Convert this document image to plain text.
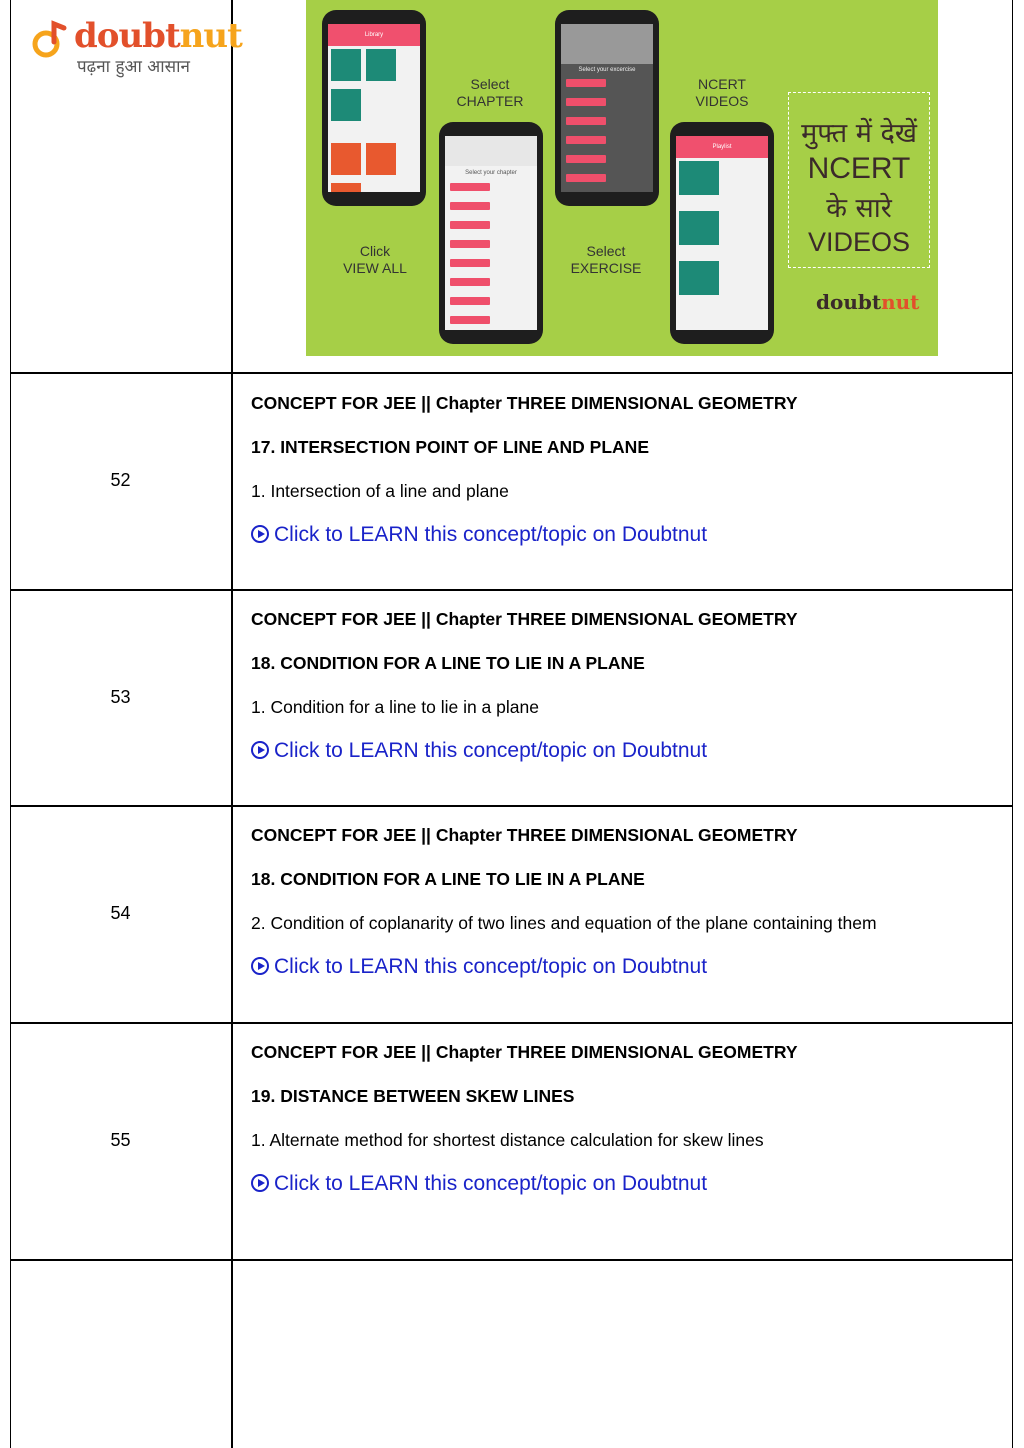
doubtnut
पढ़ना हुआ आसान
Library
Select your chapter

Select your excercise

Playlist
Select
CHAPTER
NCERT
VIDEOS
Click
VIEW ALL
Select
EXERCISE
मुफ्त में देखें
NCERT
के सारे
VIDEOS
doubtnut
52
CONCEPT FOR JEE || Chapter THREE DIMENSIONAL GEOMETRY
17. INTERSECTION POINT OF LINE AND PLANE
1. Intersection of a line and plane
Click to LEARN this concept/topic on Doubtnut
53
CONCEPT FOR JEE || Chapter THREE DIMENSIONAL GEOMETRY
18. CONDITION FOR A LINE TO LIE IN A PLANE
1. Condition for a line to lie in a plane
Click to LEARN this concept/topic on Doubtnut
54
CONCEPT FOR JEE || Chapter THREE DIMENSIONAL GEOMETRY
18. CONDITION FOR A LINE TO LIE IN A PLANE
2. Condition of coplanarity of two lines and equation of the plane containing them
Click to LEARN this concept/topic on Doubtnut
55
CONCEPT FOR JEE || Chapter THREE DIMENSIONAL GEOMETRY
19. DISTANCE BETWEEN SKEW LINES
1. Alternate method for shortest distance calculation for skew lines
Click to LEARN this concept/topic on Doubtnut
